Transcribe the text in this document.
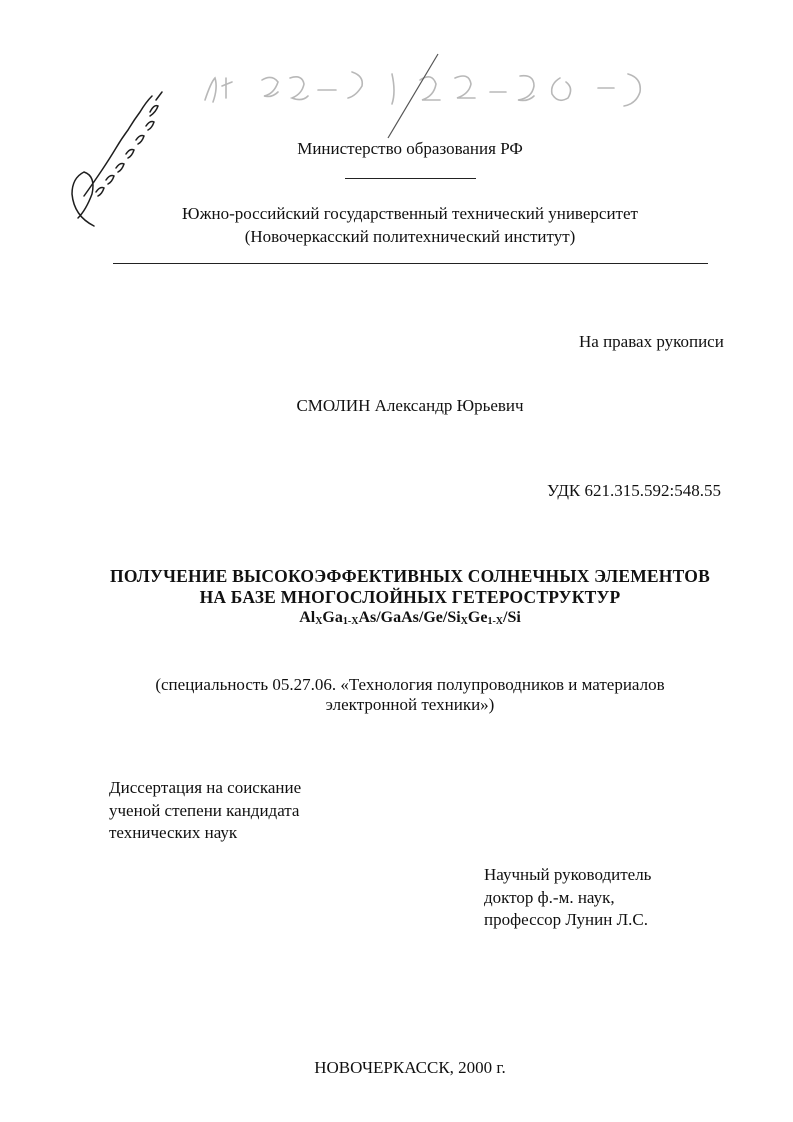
Министерство образования РФ
Южно-российский государственный технический университет
(Новочеркасский политехнический институт)
На правах рукописи
СМОЛИН Александр Юрьевич
УДК 621.315.592:548.55
ПОЛУЧЕНИЕ ВЫСОКОЭФФЕКТИВНЫХ СОЛНЕЧНЫХ ЭЛЕМЕНТОВ
НА БАЗЕ МНОГОСЛОЙНЫХ ГЕТЕРОСТРУКТУР
$Al_XGa_{1-X}As/GaAs/Ge/Si_XGe_{1-X}/Si$
(специальность 05.27.06. «Технология полупроводников и материалов
электронной техники»)
Диссертация на соискание
ученой степени кандидата
технических наук
Научный руководитель
доктор ф.-м. наук,
профессор Лунин Л.С.
НОВОЧЕРКАССК, 2000 г.
